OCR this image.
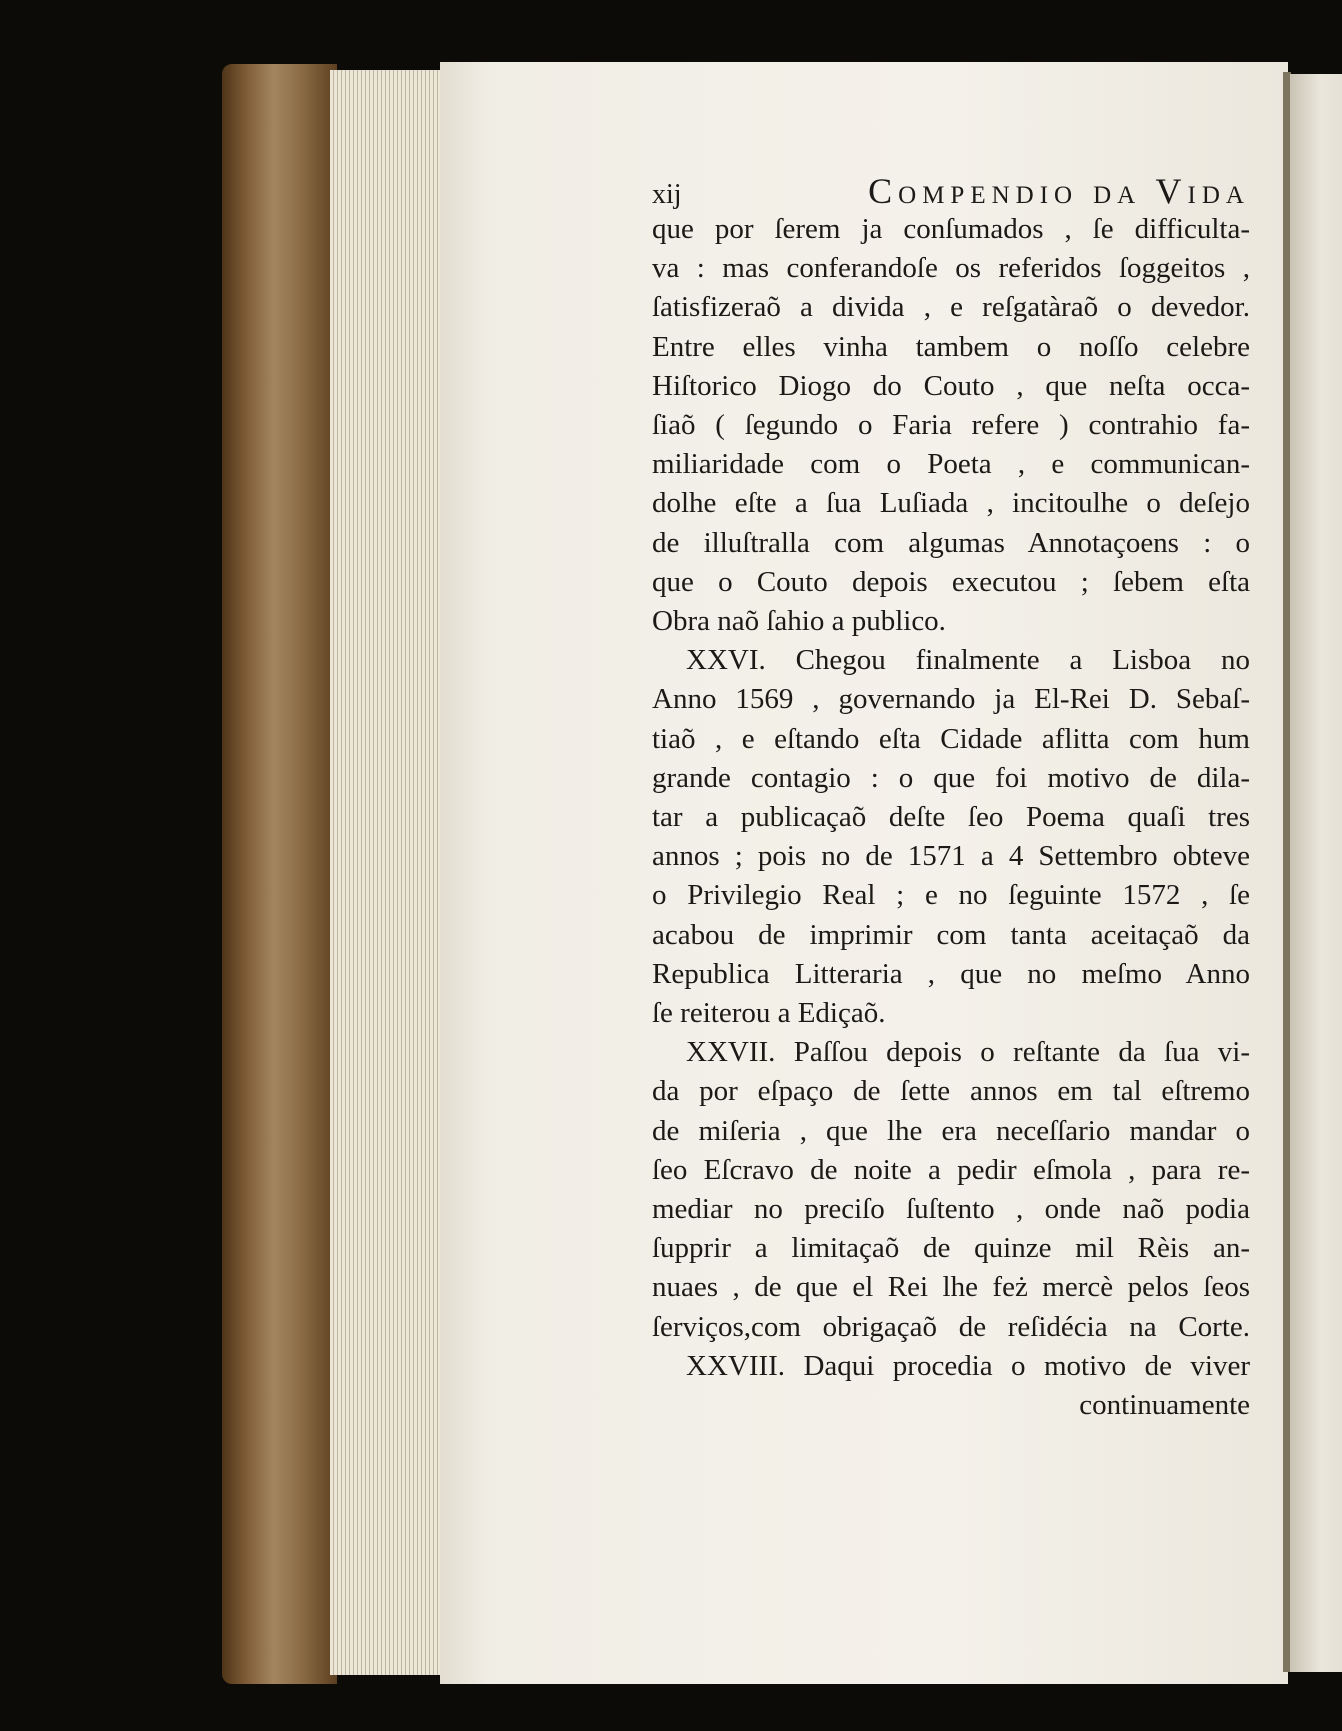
xij	Compendio da Vida
que por ſerem ja conſumados , ſe difficulta-
va : mas conferandoſe os referidos ſoggeitos ,
ſatisfizeraõ a divida , e reſgatàraõ o devedor.
Entre elles vinha tambem o noſſo celebre
Hiſtorico Diogo do Couto , que neſta occa-
ſiaõ ( ſegundo o Faria refere ) contrahio fa-
miliaridade com o Poeta , e communican-
dolhe eſte a ſua Luſiada , incitoulhe o deſejo
de illuſtralla com algumas Annotaçoens : o
que o Couto depois executou ; ſebem eſta
Obra naõ ſahio a publico.
XXVI. Chegou finalmente a Lisboa no
Anno 1569 , governando ja El-Rei D. Sebaſ-
tiaõ , e eſtando eſta Cidade aflitta com hum
grande contagio : o que foi motivo de dila-
tar a publicaçaõ deſte ſeo Poema quaſi tres
annos ; pois no de 1571 a 4 Settembro obteve
o Privilegio Real ; e no ſeguinte 1572 , ſe
acabou de imprimir com tanta aceitaçaõ da
Republica Litteraria , que no meſmo Anno
ſe reiterou a Ediçaõ.
XXVII. Paſſou depois o reſtante da ſua vi-
da por eſpaço de ſette annos em tal eſtremo
de miſeria , que lhe era neceſſario mandar o
ſeo Eſcravo de noite a pedir eſmola , para re-
mediar no preciſo ſuſtento , onde naõ podia
ſupprir a limitaçaõ de quinze mil Rèis an-
nuaes , de que el Rei lhe feż mercè pelos ſeos
ſerviços,com obrigaçaõ de reſidécia na Corte.
XXVIII. Daqui procedia o motivo de viver
continuamente
